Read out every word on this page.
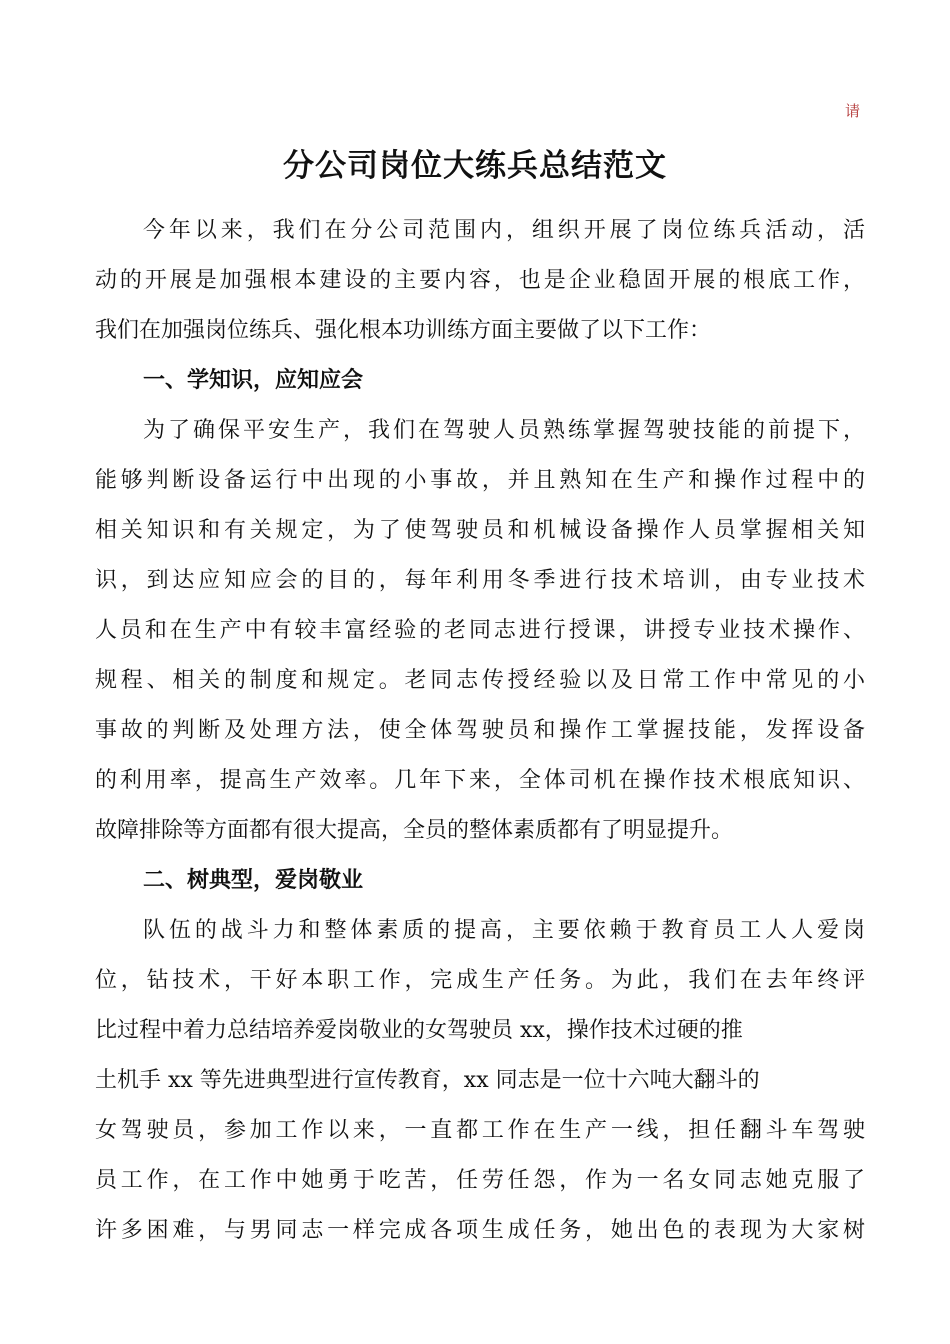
请
分公司岗位大练兵总结范文
今年以来，我们在分公司范围内，组织开展了岗位练兵活动，活
动的开展是加强根本建设的主要内容，也是企业稳固开展的根底工作，
我们在加强岗位练兵、强化根本功训练方面主要做了以下工作：
一、学知识，应知应会
为了确保平安生产，我们在驾驶人员熟练掌握驾驶技能的前提下，
能够判断设备运行中出现的小事故，并且熟知在生产和操作过程中的
相关知识和有关规定，为了使驾驶员和机械设备操作人员掌握相关知
识，到达应知应会的目的，每年利用冬季进行技术培训，由专业技术
人员和在生产中有较丰富经验的老同志进行授课，讲授专业技术操作、
规程、相关的制度和规定。老同志传授经验以及日常工作中常见的小
事故的判断及处理方法，使全体驾驶员和操作工掌握技能，发挥设备
的利用率，提高生产效率。几年下来，全体司机在操作技术根底知识、
故障排除等方面都有很大提高，全员的整体素质都有了明显提升。
二、树典型，爱岗敬业
队伍的战斗力和整体素质的提高，主要依赖于教育员工人人爱岗
位，钻技术，干好本职工作，完成生产任务。为此，我们在去年终评
比过程中着力总结培养爱岗敬业的女驾驶员 xx，操作技术过硬的推
土机手 xx 等先进典型进行宣传教育，xx 同志是一位十六吨大翻斗的
女驾驶员，参加工作以来，一直都工作在生产一线，担任翻斗车驾驶
员工作，在工作中她勇于吃苦，任劳任怨，作为一名女同志她克服了
许多困难，与男同志一样完成各项生成任务，她出色的表现为大家树
